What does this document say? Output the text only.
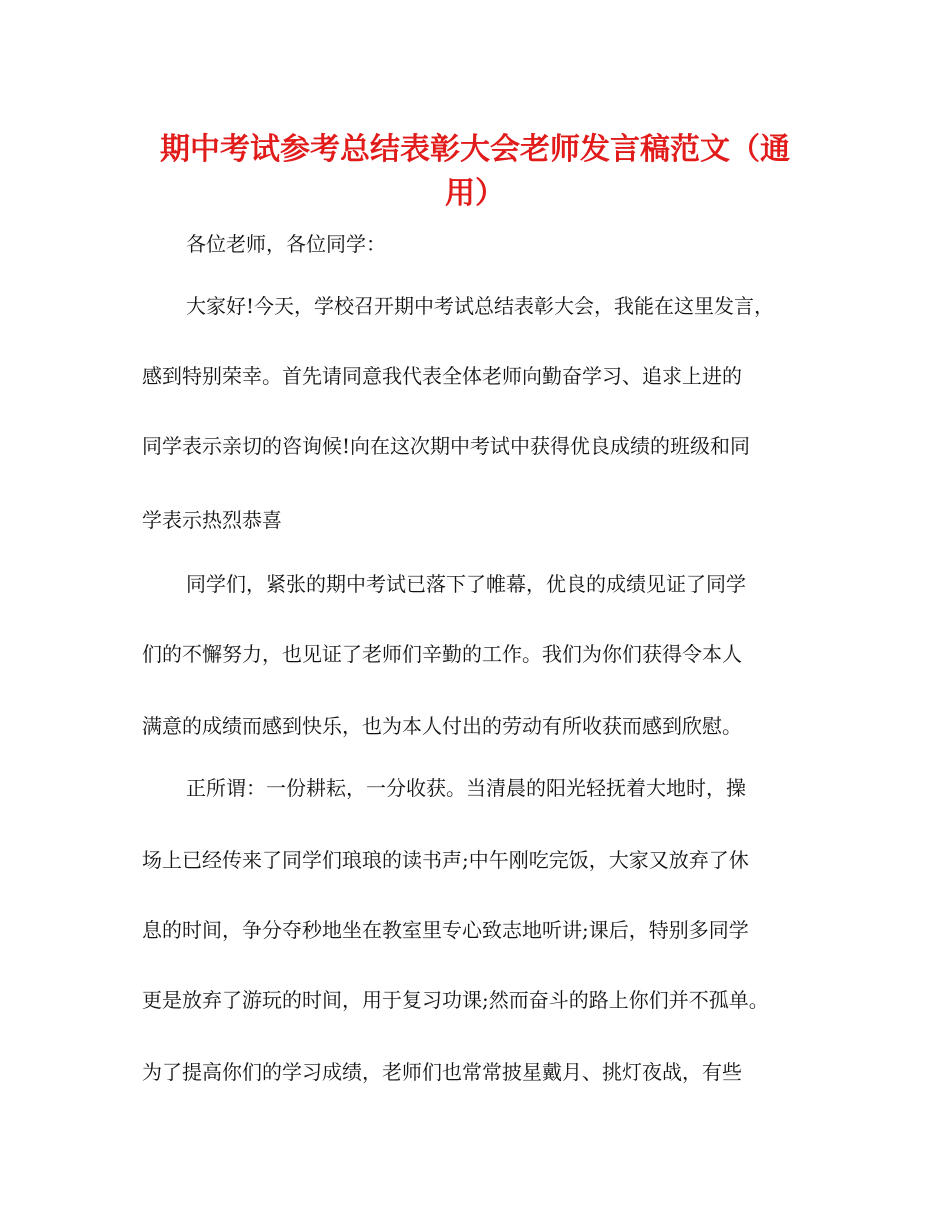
期中考试参考总结表彰大会老师发言稿范文（通
用）

各位老师，各位同学：

大家好!今天，学校召开期中考试总结表彰大会，我能在这里发言，

感到特别荣幸。首先请同意我代表全体老师向勤奋学习、追求上进的

同学表示亲切的咨询候!向在这次期中考试中获得优良成绩的班级和同

学表示热烈恭喜

同学们，紧张的期中考试已落下了帷幕，优良的成绩见证了同学

们的不懈努力，也见证了老师们辛勤的工作。我们为你们获得令本人

满意的成绩而感到快乐，也为本人付出的劳动有所收获而感到欣慰。

正所谓：一份耕耘，一分收获。当清晨的阳光轻抚着大地时，操

场上已经传来了同学们琅琅的读书声;中午刚吃完饭，大家又放弃了休

息的时间，争分夺秒地坐在教室里专心致志地听讲;课后，特别多同学

更是放弃了游玩的时间，用于复习功课;然而奋斗的路上你们并不孤单。

为了提高你们的学习成绩，老师们也常常披星戴月、挑灯夜战，有些
